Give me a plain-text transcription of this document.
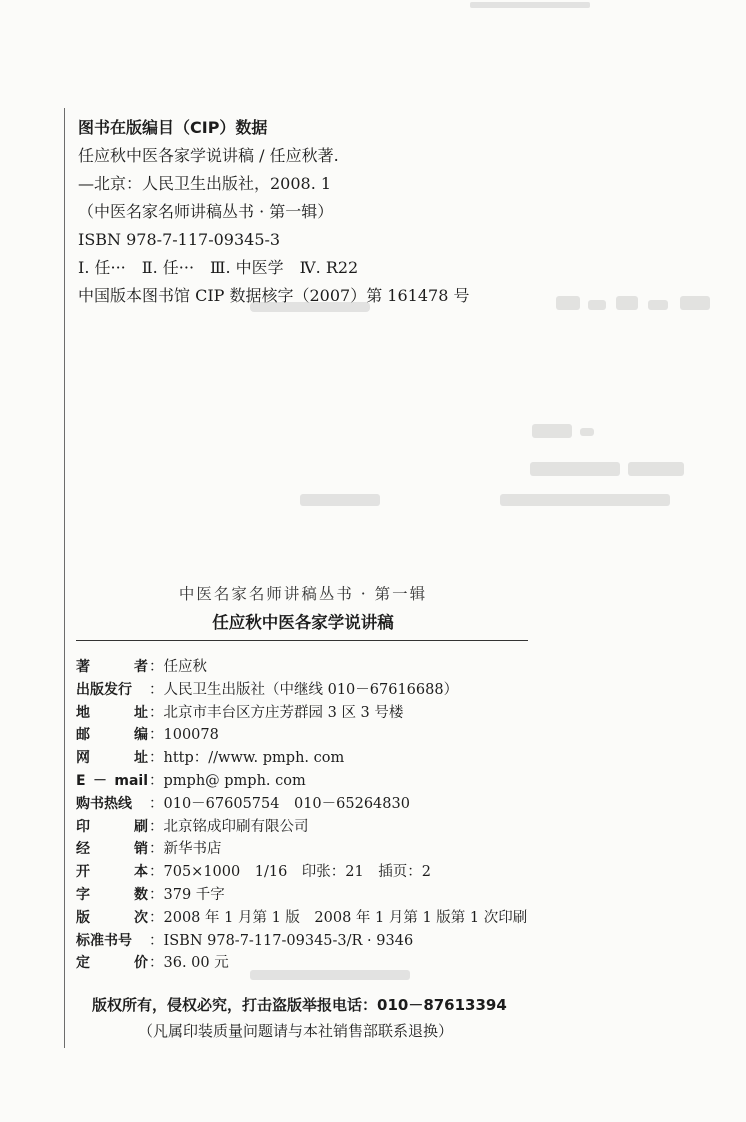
图书在版编目（CIP）数据
任应秋中医各家学说讲稿 / 任应秋著.
—北京：人民卫生出版社，2008. 1
（中医名家名师讲稿丛书 · 第一辑）
ISBN 978-7-117-09345-3
Ⅰ. 任···　Ⅱ. 任···　Ⅲ. 中医学　Ⅳ. R22
中国版本图书馆 CIP 数据核字（2007）第 161478 号
中医名家名师讲稿丛书 · 第一辑
任应秋中医各家学说讲稿
著	者 ：任应秋
出版发行	：人民卫生出版社（中继线 010－67616688）
地	址 ：北京市丰台区方庄芳群园 3 区 3 号楼
邮	编 ：100078
网	址 ：http：//www. pmph. com
E － mail ：pmph@ pmph. com
购书热线	：010－67605754　010－65264830
印	刷 ：北京铭成印刷有限公司
经	销 ：新华书店
开	本 ：705×1000　1/16　印张：21　插页：2
字	数 ：379 千字
版	次 ：2008 年 1 月第 1 版　2008 年 1 月第 1 版第 1 次印刷
标准书号	：ISBN 978-7-117-09345-3/R · 9346
定	价 ：36. 00 元
版权所有，侵权必究，打击盗版举报电话：010－87613394
（凡属印装质量问题请与本社销售部联系退换）
